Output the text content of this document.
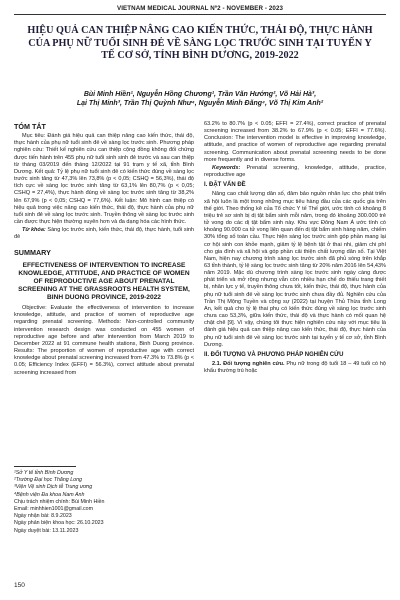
VIETNAM MEDICAL JOURNAL Nº2 - NOVEMBER - 2023
HIỆU QUẢ CAN THIỆP NÂNG CAO KIẾN THỨC, THÁI ĐỘ, THỰC HÀNH CỦA PHỤ NỮ TUỔI SINH ĐẺ VỀ SÀNG LỌC TRƯỚC SINH TẠI TUYẾN Y TẾ CƠ SỞ, TỈNH BÌNH DƯƠNG, 2019-2022
Bùi Minh Hiền¹, Nguyễn Hồng Chương¹, Trần Văn Hướng², Võ Hải Hà³,
Lại Thị Minh³, Trần Thị Quỳnh Như⁴, Nguyễn Minh Đăng⁴, Võ Thị Kim Anh²
TÓM TẮT
Mục tiêu: Đánh giá hiệu quả can thiệp nâng cao kiến thức, thái độ, thực hành của phụ nữ tuổi sinh đẻ về sàng lọc trước sinh. Phương pháp nghiên cứu: Thiết kế nghiên cứu can thiệp cộng đồng không đối chứng được tiến hành trên 455 phụ nữ tuổi sinh sinh đẻ trước và sau can thiệp từ tháng 03/2019 đến tháng 12/2022 tại 91 trạm y tế xã, tỉnh Bình Dương. Kết quả: Tỷ lệ phụ nữ tuổi sinh đẻ có kiến thức đúng về sàng lọc trước sinh tăng từ 47,3% lên 73,8% (p < 0,05; CSHQ = 56,3%), thái độ tích cực về sàng lọc trước sinh tăng từ 63,1% lên 80,7% (p < 0,05; CSHQ = 27,4%), thực hành đúng về sàng lọc trước sinh tăng từ 38,2% lên 67,9% (p < 0,05; CSHQ = 77,6%). Kết luận: Mô hình can thiệp có hiệu quả trong việc nâng cao kiến thức, thái độ, thực hành của phụ nữ tuổi sinh đẻ về sàng lọc trước sinh. Truyền thông về sàng lọc trước sinh cần được thực hiện thường xuyên hơn và đa dạng hóa các hình thức.
Từ khóa: Sàng lọc trước sinh, kiến thức, thái độ, thực hành, tuổi sinh đẻ
SUMMARY
EFFECTIVENESS OF INTERVENTION TO INCREASE KNOWLEDGE, ATTITUDE, AND PRACTICE OF WOMEN OF REPRODUCTIVE AGE ABOUT PRENATAL SCREENING AT THE GRASSROOTS HEALTH SYSTEM, BINH DUONG PROVINCE, 2019-2022
Objective: Evaluate the effectiveness of intervention to increase knowledge, attitude, and practice of women of reproductive age regarding prenatal screening. Methods: Non-controlled community intervention research design was conducted on 455 women of reproductive age before and after intervention from March 2019 to December 2022 at 91 commune health stations, Binh Duong province. Results: The proportion of women of reproductive age with correct knowledge about prenatal screening increased from 47.3% to 73.8% (p < 0.05; Efficiency Index (EFFI) = 56.3%), correct attitude about prenatal screening increased from
¹Sở Y tế tỉnh Bình Dương
²Trường Đại học Thăng Long
³Viện Vệ sinh Dịch tễ Trung ương
⁴Bệnh viện Đa khoa Nam Anh
Chịu trách nhiệm chính: Bùi Minh Hiền
Email: minhhien1001@gmail.com
Ngày nhận bài: 8.9.2023
Ngày phản biện khoa học: 26.10.2023
Ngày duyệt bài: 13.11.2023
150
63.2% to 80.7% (p < 0.05; EFFI = 27.4%), correct practice of prenatal screening increased from 38.2% to 67.9% (p < 0.05; EFFI = 77.6%). Conclusion: The intervention model is effective in improving knowledge, attitude, and practice of women of reproductive age regarding prenatal screening. Communication about prenatal screening needs to be done more frequently and in diverse forms.
Keywords: Prenatal screening, knowledge, attitude, practice, reproductive age
I. ĐẶT VẤN ĐỀ
Nâng cao chất lượng dân số, đảm bảo nguồn nhân lực cho phát triển xã hội luôn là một trong những mục tiêu hàng đầu của các quốc gia trên thế giới. Theo thống kê của Tổ chức Y tế Thế giới, ước tính có khoảng 8 triệu trẻ sơ sinh bị dị tật bẩm sinh mỗi năm, trong đó khoảng 300.000 trẻ tử vong do các dị tật bẩm sinh này. Khu vực Đông Nam Á ước tính có khoảng 90.000 ca tử vong liên quan đến dị tật bẩm sinh hàng năm, chiếm 30% tổng số toàn cầu. Thực hiện sàng lọc trước sinh góp phần mang lại cơ hội sinh con khỏe mạnh, giảm tỷ lệ bệnh tật ở thai nhi, giảm chi phí cho gia đình và xã hội và góp phần cải thiện chất lượng dân số. Tại Việt Nam, hiện nay chương trình sàng lọc trước sinh đã phủ sóng trên khắp 63 tỉnh thành, tỷ lệ sàng lọc trước sinh tăng từ 20% năm 2016 lên 54,43% năm 2019. Mặc dù chương trình sàng lọc trước sinh ngày càng được phát triển và mở rộng nhưng vẫn còn nhiều hạn chế do thiếu trang thiết bị, nhân lực y tế, truyền thông chưa tốt, kiến thức, thái độ, thực hành của phụ nữ tuổi sinh đẻ về sàng lọc trước sinh chưa đầy đủ. Nghiên cứu của Trần Thị Mộng Tuyền và cộng sự (2022) tại huyện Thủ Thừa tỉnh Long An, kết quả cho tỷ lệ thai phụ có kiến thức đúng về sàng lọc trước sinh chưa cao 53,3%, giữa kiến thức, thái độ và thực hành có mối quan hệ chặt chẽ [9]. Vì vậy, chúng tôi thực hiện nghiên cứu này với mục tiêu là đánh giá hiệu quả can thiệp nâng cao kiến thức, thái độ, thực hành của phụ nữ tuổi sinh đẻ về sàng lọc trước sinh tại tuyến y tế cơ sở, tỉnh Bình Dương.
II. ĐỐI TƯỢNG VÀ PHƯƠNG PHÁP NGHIÊN CỨU
2.1. Đối tượng nghiên cứu. Phụ nữ trong độ tuổi 18 – 49 tuổi có hộ khẩu thường trú hoặc
